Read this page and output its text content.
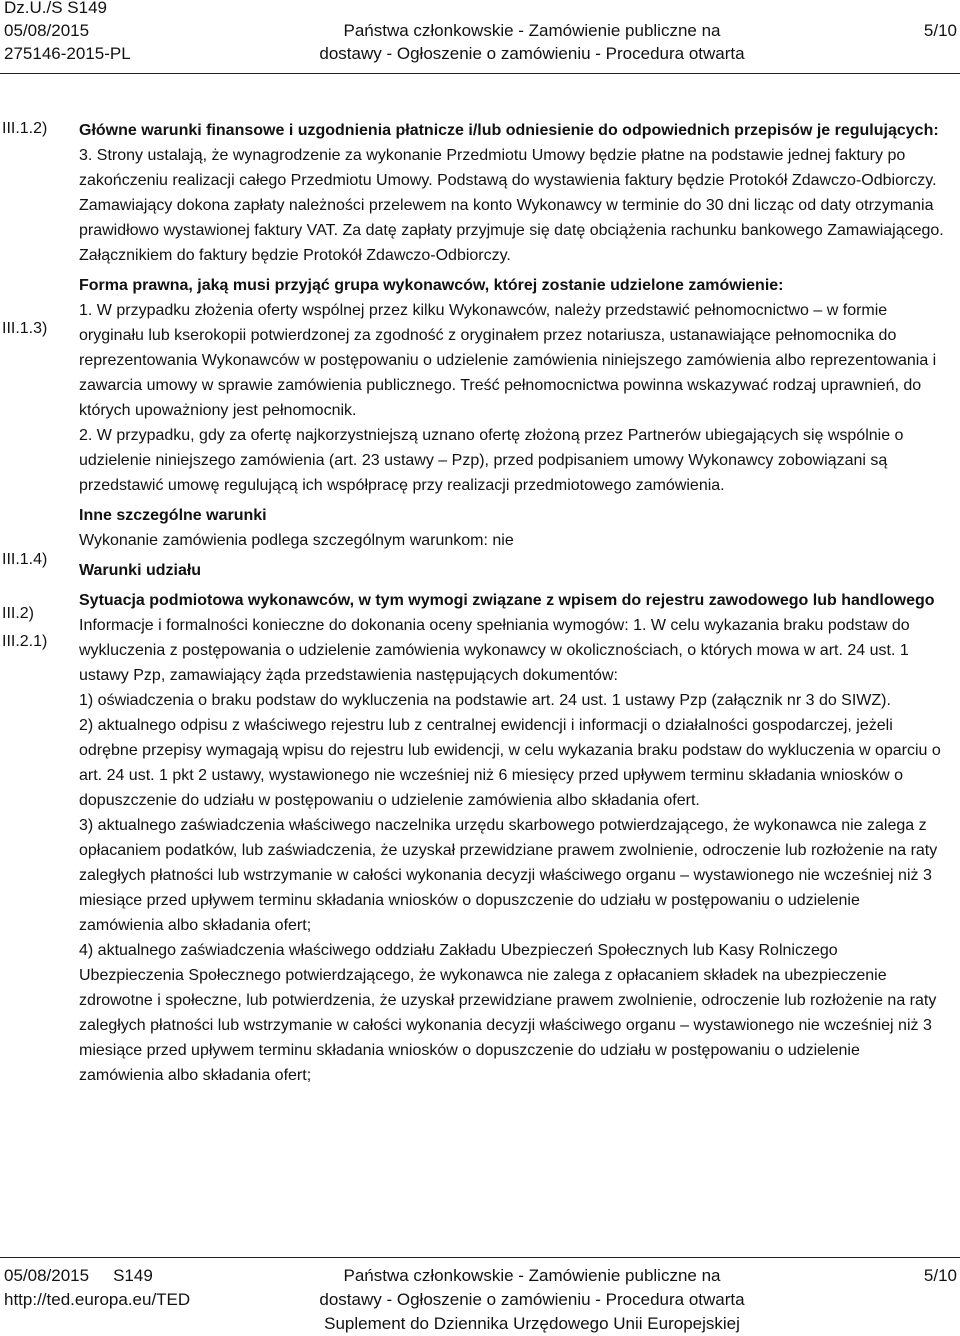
Dz.U./S S149
05/08/2015
275146-2015-PL
Państwa członkowskie - Zamówienie publiczne na
dostawy - Ogłoszenie o zamówieniu - Procedura otwarta
5/10
III.1.2)
III.1.3)
III.1.4)
III.2)
III.2.1)

Główne warunki finansowe i uzgodnienia płatnicze i/lub odniesienie do odpowiednich przepisów je regulujących:

3. Strony ustalają, że wynagrodzenie za wykonanie Przedmiotu Umowy będzie płatne na podstawie jednej faktury po zakończeniu realizacji całego Przedmiotu Umowy. Podstawą do wystawienia faktury będzie Protokół Zdawczo-Odbiorczy. Zamawiający dokona zapłaty należności przelewem na konto Wykonawcy w terminie do 30 dni licząc od daty otrzymania prawidłowo wystawionej faktury VAT. Za datę zapłaty przyjmuje się datę obciążenia rachunku bankowego Zamawiającego. Załącznikiem do faktury będzie Protokół Zdawczo-Odbiorczy.

Forma prawna, jaką musi przyjąć grupa wykonawców, której zostanie udzielone zamówienie:

1. W przypadku złożenia oferty wspólnej przez kilku Wykonawców, należy przedstawić pełnomocnictwo – w formie oryginału lub kserokopii potwierdzonej za zgodność z oryginałem przez notariusza, ustanawiające pełnomocnika do reprezentowania Wykonawców w postępowaniu o udzielenie zamówienia niniejszego zamówienia albo reprezentowania i zawarcia umowy w sprawie zamówienia publicznego. Treść pełnomocnictwa powinna wskazywać rodzaj uprawnień, do których upoważniony jest pełnomocnik.

2. W przypadku, gdy za ofertę najkorzystniejszą uznano ofertę złożoną przez Partnerów ubiegających się wspólnie o udzielenie niniejszego zamówienia (art. 23 ustawy – Pzp), przed podpisaniem umowy Wykonawcy zobowiązani są przedstawić umowę regulującą ich współpracę przy realizacji przedmiotowego zamówienia.

Inne szczególne warunki

Wykonanie zamówienia podlega szczególnym warunkom: nie

Warunki udziału

Sytuacja podmiotowa wykonawców, w tym wymogi związane z wpisem do rejestru zawodowego lub handlowego

Informacje i formalności konieczne do dokonania oceny spełniania wymogów: 1. W celu wykazania braku podstaw do wykluczenia z postępowania o udzielenie zamówienia wykonawcy w okolicznościach, o których mowa w art. 24 ust. 1 ustawy Pzp, zamawiający żąda przedstawienia następujących dokumentów:

1) oświadczenia o braku podstaw do wykluczenia na podstawie art. 24 ust. 1 ustawy Pzp (załącznik nr 3 do SIWZ).

2) aktualnego odpisu z właściwego rejestru lub z centralnej ewidencji i informacji o działalności gospodarczej, jeżeli odrębne przepisy wymagają wpisu do rejestru lub ewidencji, w celu wykazania braku podstaw do wykluczenia w oparciu o art. 24 ust. 1 pkt 2 ustawy, wystawionego nie wcześniej niż 6 miesięcy przed upływem terminu składania wniosków o dopuszczenie do udziału w postępowaniu o udzielenie zamówienia albo składania ofert.

3) aktualnego zaświadczenia właściwego naczelnika urzędu skarbowego potwierdzającego, że wykonawca nie zalega z opłacaniem podatków, lub zaświadczenia, że uzyskał przewidziane prawem zwolnienie, odroczenie lub rozłożenie na raty zaległych płatności lub wstrzymanie w całości wykonania decyzji właściwego organu – wystawionego nie wcześniej niż 3 miesiące przed upływem terminu składania wniosków o dopuszczenie do udziału w postępowaniu o udzielenie zamówienia albo składania ofert;

4) aktualnego zaświadczenia właściwego oddziału Zakładu Ubezpieczeń Społecznych lub Kasy Rolniczego Ubezpieczenia Społecznego potwierdzającego, że wykonawca nie zalega z opłacaniem składek na ubezpieczenie zdrowotne i społeczne, lub potwierdzenia, że uzyskał przewidziane prawem zwolnienie, odroczenie lub rozłożenie na raty zaległych płatności lub wstrzymanie w całości wykonania decyzji właściwego organu – wystawionego nie wcześniej niż 3 miesiące przed upływem terminu składania wniosków o dopuszczenie do udziału w postępowaniu o udzielenie zamówienia albo składania ofert;

05/08/2015 S149
http://ted.europa.eu/TED
Państwa członkowskie - Zamówienie publiczne na
dostawy - Ogłoszenie o zamówieniu - Procedura otwarta
Suplement do Dziennika Urzędowego Unii Europejskiej
5/10
